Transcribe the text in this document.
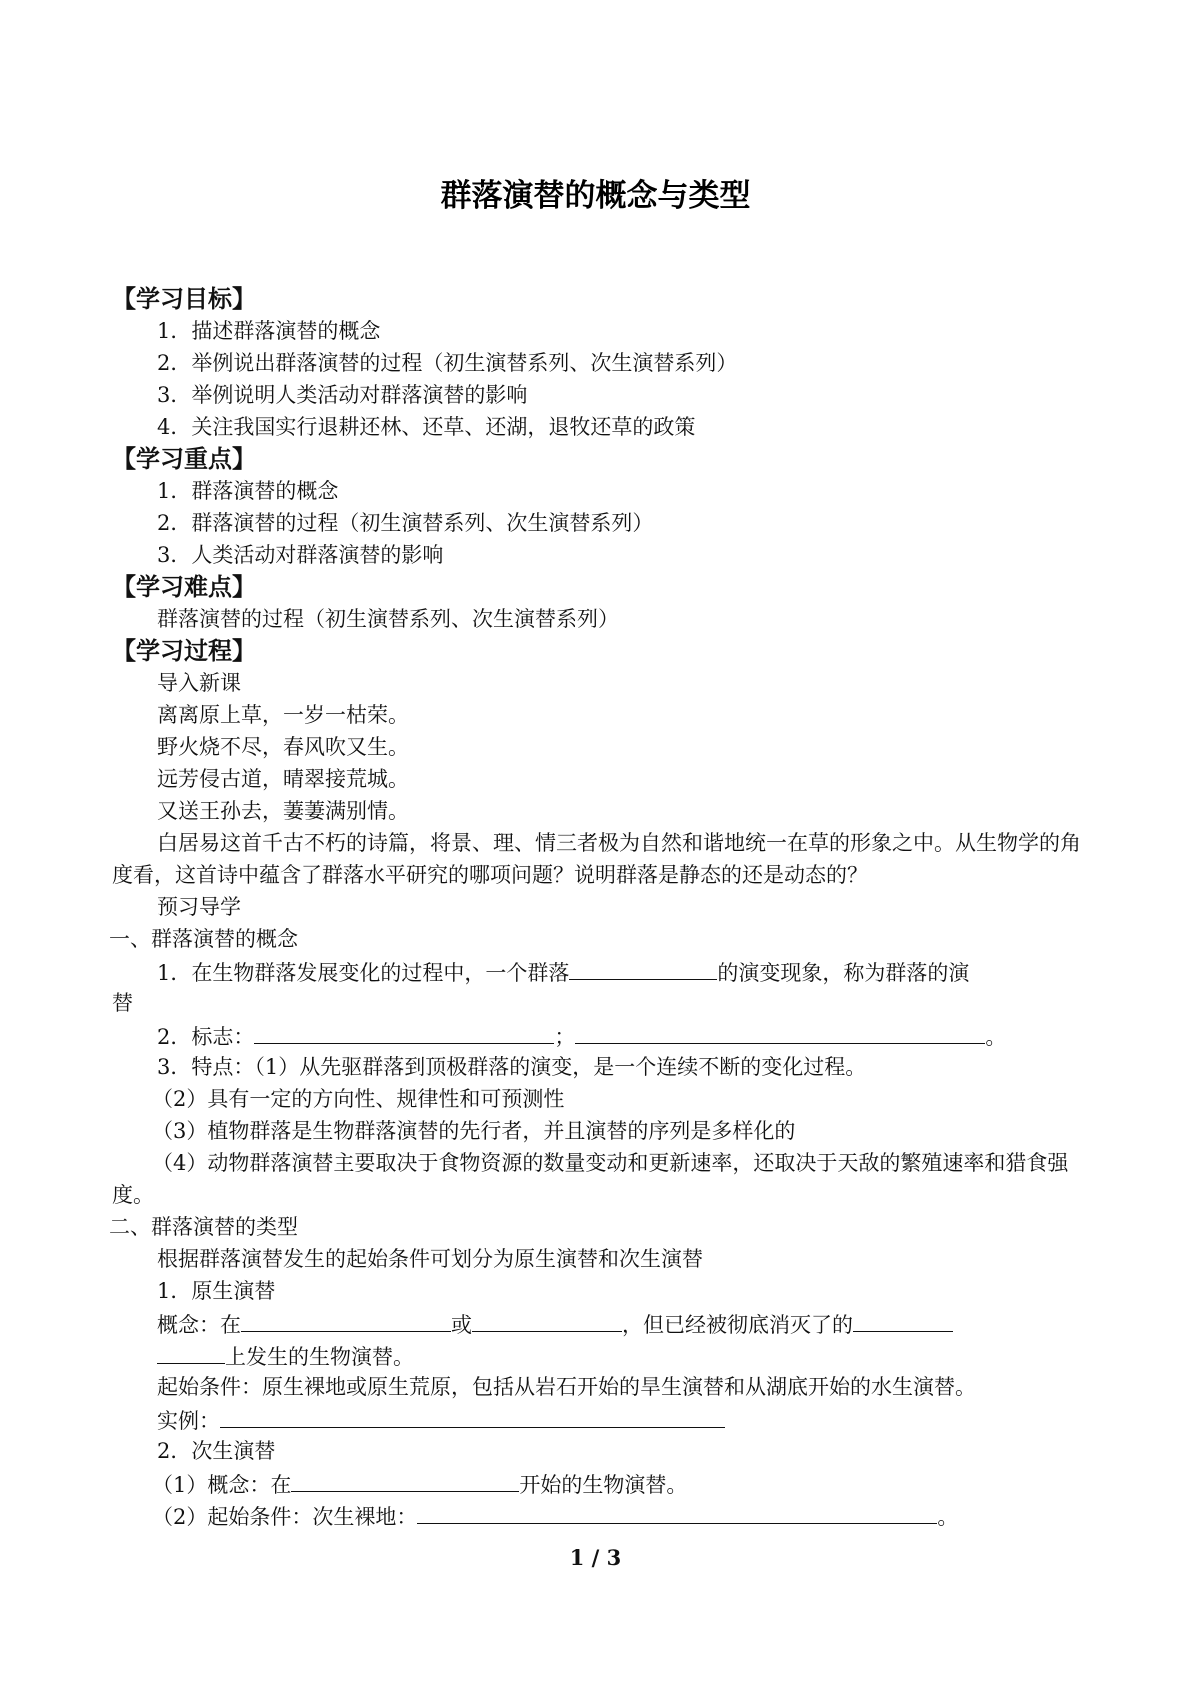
群落演替的概念与类型
【学习目标】
1．描述群落演替的概念
2．举例说出群落演替的过程（初生演替系列、次生演替系列）
3．举例说明人类活动对群落演替的影响
4．关注我国实行退耕还林、还草、还湖，退牧还草的政策
【学习重点】
1．群落演替的概念
2．群落演替的过程（初生演替系列、次生演替系列）
3．人类活动对群落演替的影响
【学习难点】
群落演替的过程（初生演替系列、次生演替系列）
【学习过程】
导入新课
离离原上草，一岁一枯荣。
野火烧不尽，春风吹又生。
远芳侵古道，晴翠接荒城。
又送王孙去，萋萋满别情。
白居易这首千古不朽的诗篇，将景、理、情三者极为自然和谐地统一在草的形象之中。从生物学的角度看，这首诗中蕴含了群落水平研究的哪项问题？说明群落是静态的还是动态的？
预习导学
一、群落演替的概念
1．在生物群落发展变化的过程中，一个群落	的演变现象，称为群落的演
替
2．标志：	；	。
3．特点：（1）从先驱群落到顶极群落的演变，是一个连续不断的变化过程。
（2）具有一定的方向性、规律性和可预测性
（3）植物群落是生物群落演替的先行者，并且演替的序列是多样化的
（4）动物群落演替主要取决于食物资源的数量变动和更新速率，还取决于天敌的繁殖速率和猎食强度。
二、群落演替的类型
根据群落演替发生的起始条件可划分为原生演替和次生演替
1．原生演替
概念：在	或	，但已经被彻底消灭了的
上发生的生物演替。
起始条件：原生裸地或原生荒原，包括从岩石开始的旱生演替和从湖底开始的水生演替。
实例：
2．次生演替
（1）概念：在	开始的生物演替。
（2）起始条件：次生裸地：	。
1 / 3
